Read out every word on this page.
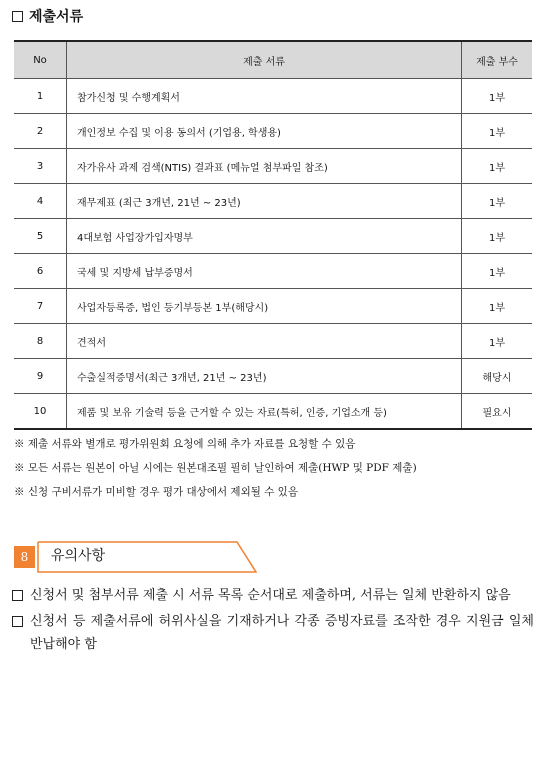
제출서류
No	제출 서류	제출 부수
1	참가신청 및 수행계획서	1부
2	개인정보 수집 및 이용 동의서 (기업용, 학생용)	1부
3	자가유사 과제 검색(NTIS) 결과표 (메뉴얼 첨부파일 참조)	1부
4	재무제표 (최근 3개년, 21년 ~ 23년)	1부
5	4대보험 사업장가입자명부	1부
6	국세 및 지방세 납부증명서	1부
7	사업자등록증, 법인 등기부등본 1부(해당시)	1부
8	견적서	1부
9	수출실적증명서(최근 3개년, 21년 ~ 23년)	해당시
10	제품 및 보유 기술력 등을 근거할 수 있는 자료(특허, 인증, 기업소개 등)	필요시
※ 제출 서류와 별개로 평가위원회 요청에 의해 추가 자료를 요청할 수 있음
※ 모든 서류는 원본이 아닐 시에는 원본대조필 필히 날인하여 제출(HWP 및 PDF 제출)
※ 신청 구비서류가 미비할 경우 평가 대상에서 제외될 수 있음
8	유의사항
신청서 및 첨부서류 제출 시 서류 목록 순서대로 제출하며, 서류는 일체 반환하지 않음
신청서 등 제출서류에 허위사실을 기재하거나 각종 증빙자료를 조작한 경우 지원금 일체 반납해야 함
